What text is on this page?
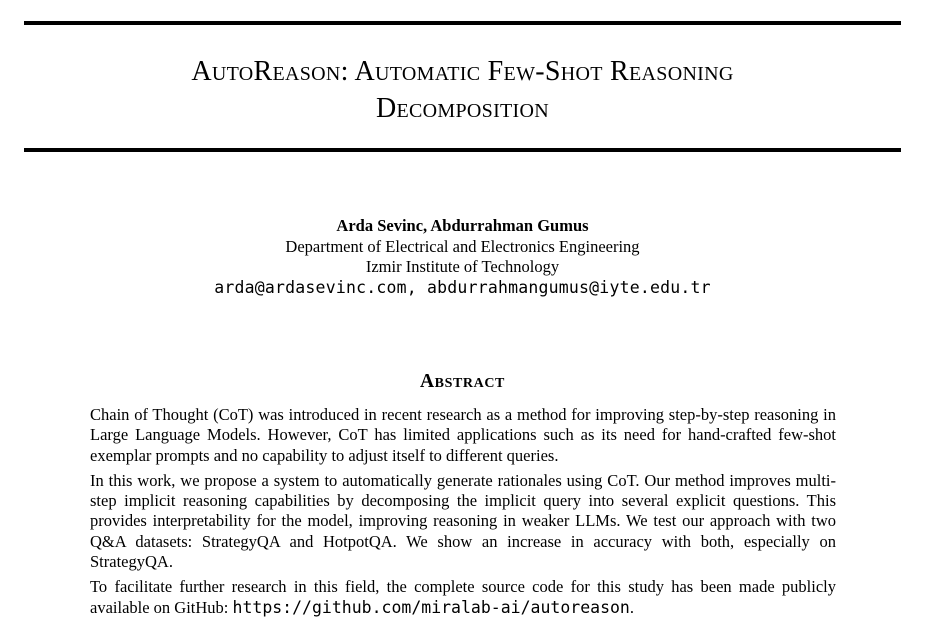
AutoReason: Automatic Few-Shot Reasoning
Decomposition
Arda Sevinc, Abdurrahman Gumus
Department of Electrical and Electronics Engineering
Izmir Institute of Technology
arda@ardasevinc.com, abdurrahmangumus@iyte.edu.tr
Abstract

Chain of Thought (CoT) was introduced in recent research as a method for improving step-by-step reasoning in Large Language Models. However, CoT has limited applications such as its need for hand-crafted few-shot exemplar prompts and no capability to adjust itself to different queries.

In this work, we propose a system to automatically generate rationales using CoT. Our method improves multi-step implicit reasoning capabilities by decomposing the implicit query into several explicit questions. This provides interpretability for the model, improving reasoning in weaker LLMs. We test our approach with two Q&A datasets: StrategyQA and HotpotQA. We show an increase in accuracy with both, especially on StrategyQA.

To facilitate further research in this field, the complete source code for this study has been made publicly available on GitHub: https://github.com/miralab-ai/autoreason.
